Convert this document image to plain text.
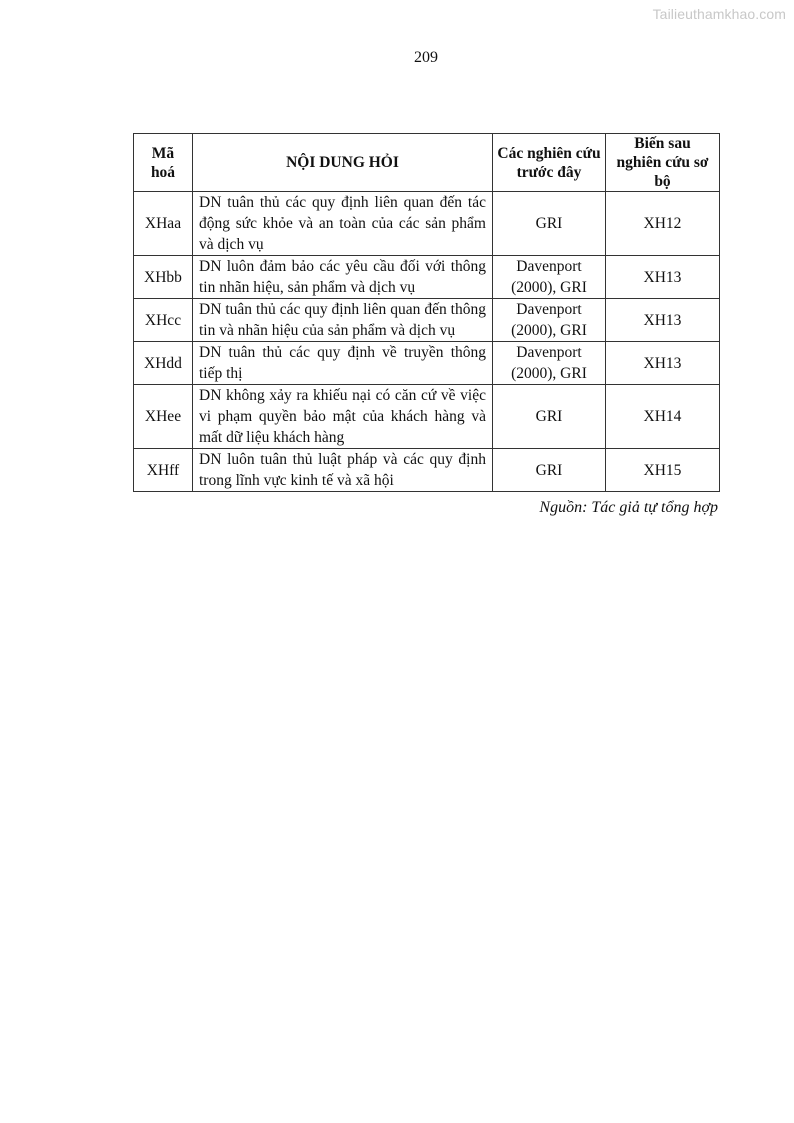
Tailieuthamkhao.com
209
Mã hoá	NỘI DUNG HỎI	Các nghiên cứu trước đây	Biến sau nghiên cứu sơ bộ
XHaa	DN tuân thủ các quy định liên quan đến tác động sức khỏe và an toàn của các sản phẩm và dịch vụ	GRI	XH12
XHbb	DN luôn đảm bảo các yêu cầu đối với thông tin nhãn hiệu, sản phẩm và dịch vụ	Davenport (2000), GRI	XH13
XHcc	DN tuân thủ các quy định liên quan đến thông tin và nhãn hiệu của sản phẩm và dịch vụ	Davenport (2000), GRI	XH13
XHdd	DN tuân thủ các quy định về truyền thông tiếp thị	Davenport (2000), GRI	XH13
XHee	DN không xảy ra khiếu nại có căn cứ về việc vi phạm quyền bảo mật của khách hàng và mất dữ liệu khách hàng	GRI	XH14
XHff	DN luôn tuân thủ luật pháp và các quy định trong lĩnh vực kinh tế và xã hội	GRI	XH15
Nguồn: Tác giả tự tổng hợp
